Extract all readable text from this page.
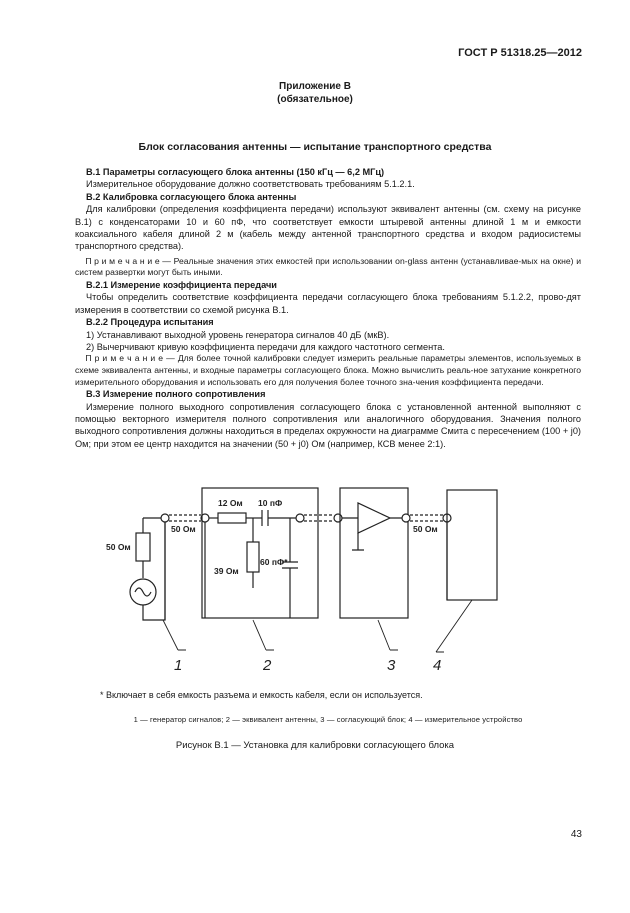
ГОСТ Р 51318.25—2012
Приложение В
(обязательное)
Блок согласования антенны — испытание транспортного средства

В.1 Параметры согласующего блока антенны (150 кГц — 6,2 МГц)

Измерительное оборудование должно соответствовать требованиям 5.1.2.1.

В.2 Калибровка согласующего блока антенны

Для калибровки (определения коэффициента передачи) используют эквивалент антенны (см. схему на рисунке В.1) с конденсаторами 10 и 60 пФ, что соответствует емкости штыревой антенны длиной 1 м и емкости коаксиального кабеля длиной 2 м (кабель между антенной транспортного средства и входом радиосистемы транспортного средства).

П р и м е ч а н и е — Реальные значения этих емкостей при использовании on-glass антенн (устанавливае-мых на окне) и систем развертки могут быть иными.

В.2.1 Измерение коэффициента передачи

Чтобы определить соответствие коэффициента передачи согласующего блока требованиям 5.1.2.2, прово-дят измерения в соответствии со схемой рисунка В.1.

В.2.2 Процедура испытания

1) Устанавливают выходной уровень генератора сигналов 40 дБ (мкВ).

2) Вычерчивают кривую коэффициента передачи для каждого частотного сегмента.

П р и м е ч а н и е — Для более точной калибровки следует измерить реальные параметры элементов, используемых в схеме эквивалента антенны, и входные параметры согласующего блока. Можно вычислить реаль-ное затухание конкретного измерительного оборудования и использовать его для получения более точного зна-чения коэффициента передачи.

В.3 Измерение полного сопротивления

Измерение полного выходного сопротивления согласующего блока с установленной антенной выполняют с помощью векторного измерителя полного сопротивления или аналогичного оборудования. Значения полного выходного сопротивления должны находиться в пределах окружности на диаграмме Смита с пересечением (100 + j0) Ом; при этом ее центр находится на значении (50 + j0) Ом (например, КСВ менее 2:1).

50 Ом
12 Ом 10 пФ
39 Ом
60 пФ*
50 Ом	50 Ом
1	2	3	4
* Включает в себя емкость разъема и емкость кабеля, если он используется.
1 — генератор сигналов; 2 — эквивалент антенны, 3 — согласующий блок; 4 — измерительное устройство
Рисунок В.1 — Установка для калибровки согласующего блока
43
